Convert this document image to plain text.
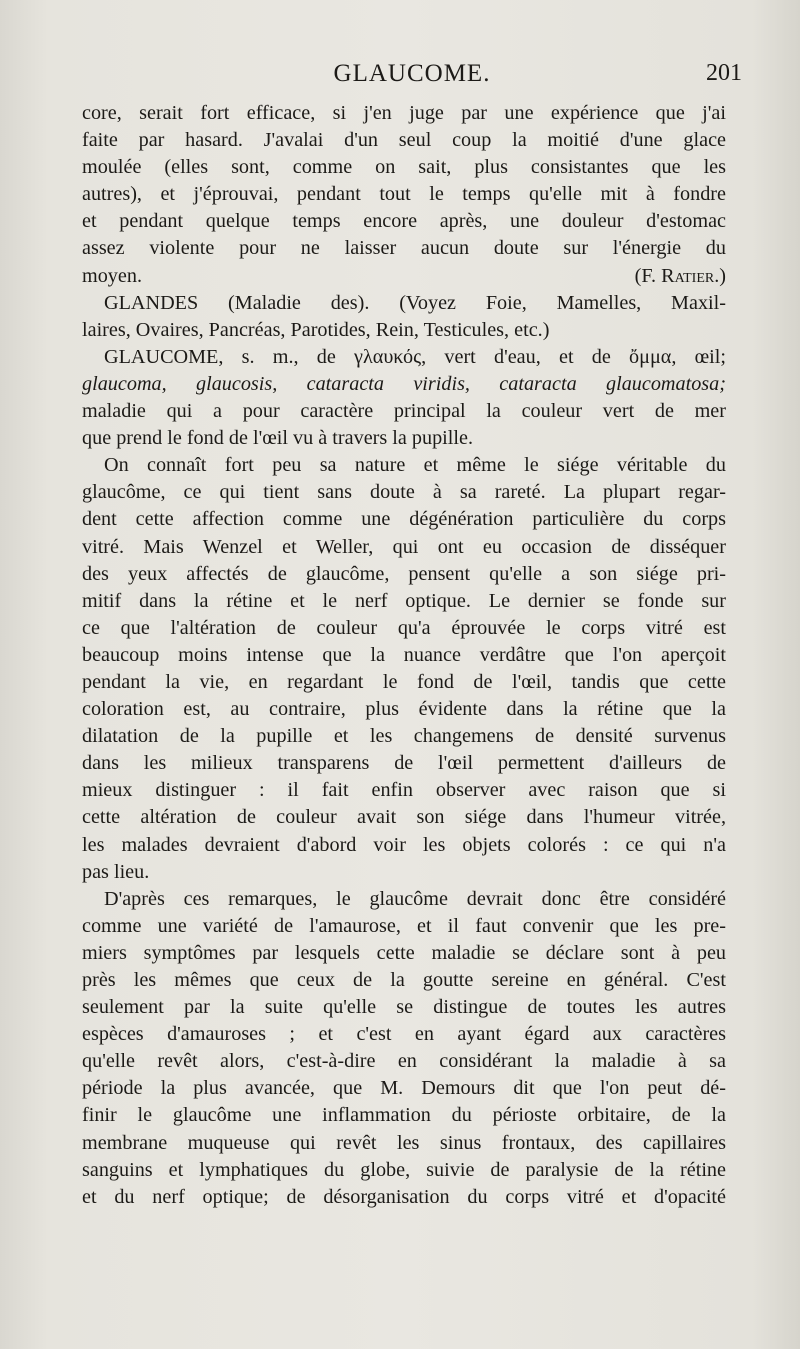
GLAUCOME.	201
core, serait fort efficace, si j'en juge par une expérience que j'ai
faite par hasard. J'avalai d'un seul coup la moitié d'une glace
moulée (elles sont, comme on sait, plus consistantes que les
autres), et j'éprouvai, pendant tout le temps qu'elle mit à fondre
et pendant quelque temps encore après, une douleur d'estomac
assez violente pour ne laisser aucun doute sur l'énergie du
moyen.	(F. Ratier.)
GLANDES (Maladie des). (Voyez Foie, Mamelles, Maxil-
laires, Ovaires, Pancréas, Parotides, Rein, Testicules, etc.)
GLAUCOME, s. m., de γλαυκός, vert d'eau, et de ὄμμα, œil;
glaucoma, glaucosis, cataracta viridis, cataracta glaucomatosa;
maladie qui a pour caractère principal la couleur vert de mer
que prend le fond de l'œil vu à travers la pupille.
On connaît fort peu sa nature et même le siége véritable du
glaucôme, ce qui tient sans doute à sa rareté. La plupart regar-
dent cette affection comme une dégénération particulière du corps
vitré. Mais Wenzel et Weller, qui ont eu occasion de disséquer
des yeux affectés de glaucôme, pensent qu'elle a son siége pri-
mitif dans la rétine et le nerf optique. Le dernier se fonde sur
ce que l'altération de couleur qu'a éprouvée le corps vitré est
beaucoup moins intense que la nuance verdâtre que l'on aperçoit
pendant la vie, en regardant le fond de l'œil, tandis que cette
coloration est, au contraire, plus évidente dans la rétine que la
dilatation de la pupille et les changemens de densité survenus
dans les milieux transparens de l'œil permettent d'ailleurs de
mieux distinguer : il fait enfin observer avec raison que si
cette altération de couleur avait son siége dans l'humeur vitrée,
les malades devraient d'abord voir les objets colorés : ce qui n'a
pas lieu.
D'après ces remarques, le glaucôme devrait donc être considéré
comme une variété de l'amaurose, et il faut convenir que les pre-
miers symptômes par lesquels cette maladie se déclare sont à peu
près les mêmes que ceux de la goutte sereine en général. C'est
seulement par la suite qu'elle se distingue de toutes les autres
espèces d'amauroses ; et c'est en ayant égard aux caractères
qu'elle revêt alors, c'est-à-dire en considérant la maladie à sa
période la plus avancée, que M. Demours dit que l'on peut dé-
finir le glaucôme une inflammation du périoste orbitaire, de la
membrane muqueuse qui revêt les sinus frontaux, des capillaires
sanguins et lymphatiques du globe, suivie de paralysie de la rétine
et du nerf optique; de désorganisation du corps vitré et d'opacité
